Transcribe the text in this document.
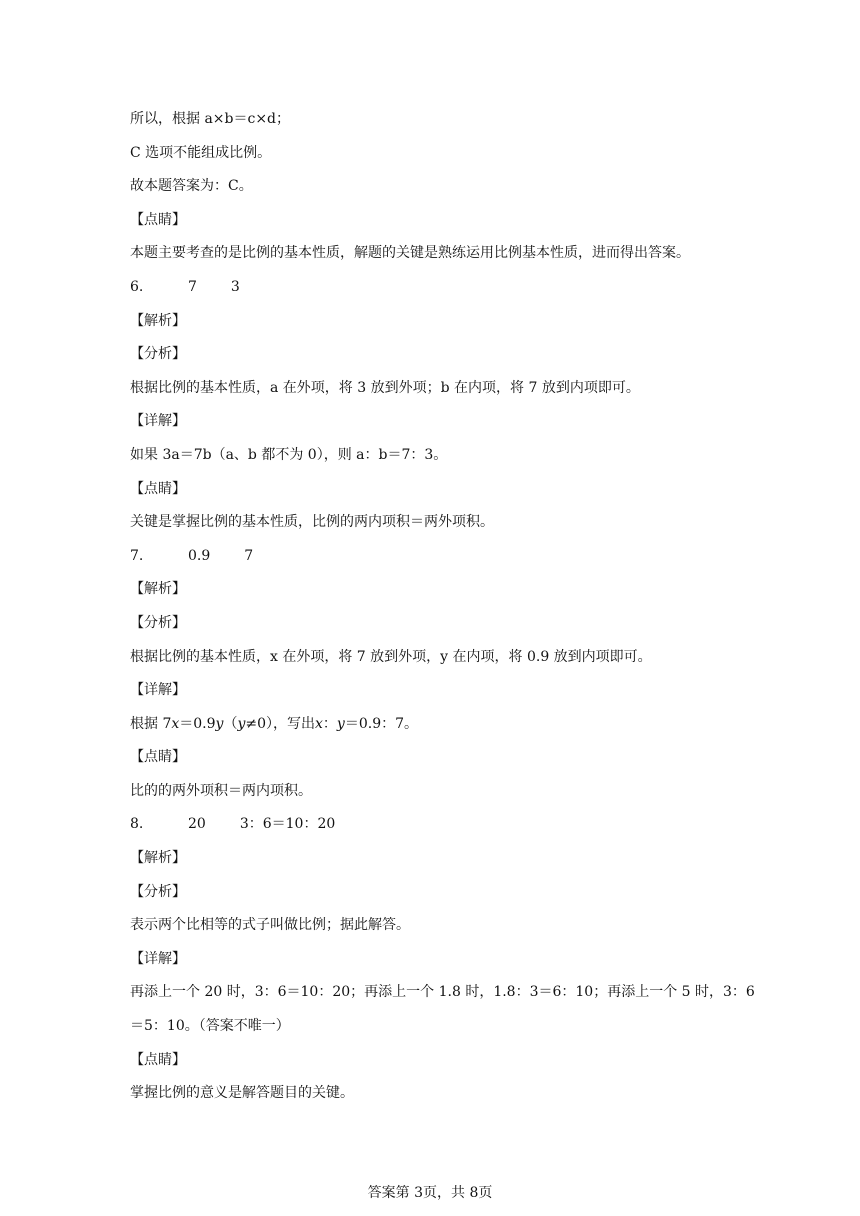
所以，根据 a×b＝c×d；
C 选项不能组成比例。
故本题答案为：C。
【点睛】
本题主要考查的是比例的基本性质，解题的关键是熟练运用比例基本性质，进而得出答案。
6.	7 3
【解析】
【分析】
根据比例的基本性质，a 在外项，将 3 放到外项；b 在内项，将 7 放到内项即可。
【详解】
如果 3a＝7b（a、b 都不为 0），则 a：b＝7：3。
【点睛】
关键是掌握比例的基本性质，比例的两内项积＝两外项积。
7.	0.9 7
【解析】
【分析】
根据比例的基本性质，x 在外项，将 7 放到外项，y 在内项，将 0.9 放到内项即可。
【详解】
根据 7x＝0.9y（y≠0），写出x：y＝0.9：7。
【点睛】
比的的两外项积＝两内项积。
8.	20 3：6＝10：20
【解析】
【分析】
表示两个比相等的式子叫做比例；据此解答。
【详解】
再添上一个 20 时，3：6＝10：20；再添上一个 1.8 时，1.8：3＝6：10；再添上一个 5 时，3：6
＝5：10。（答案不唯一）
【点睛】
掌握比例的意义是解答题目的关键。
答案第 3页，共 8页
